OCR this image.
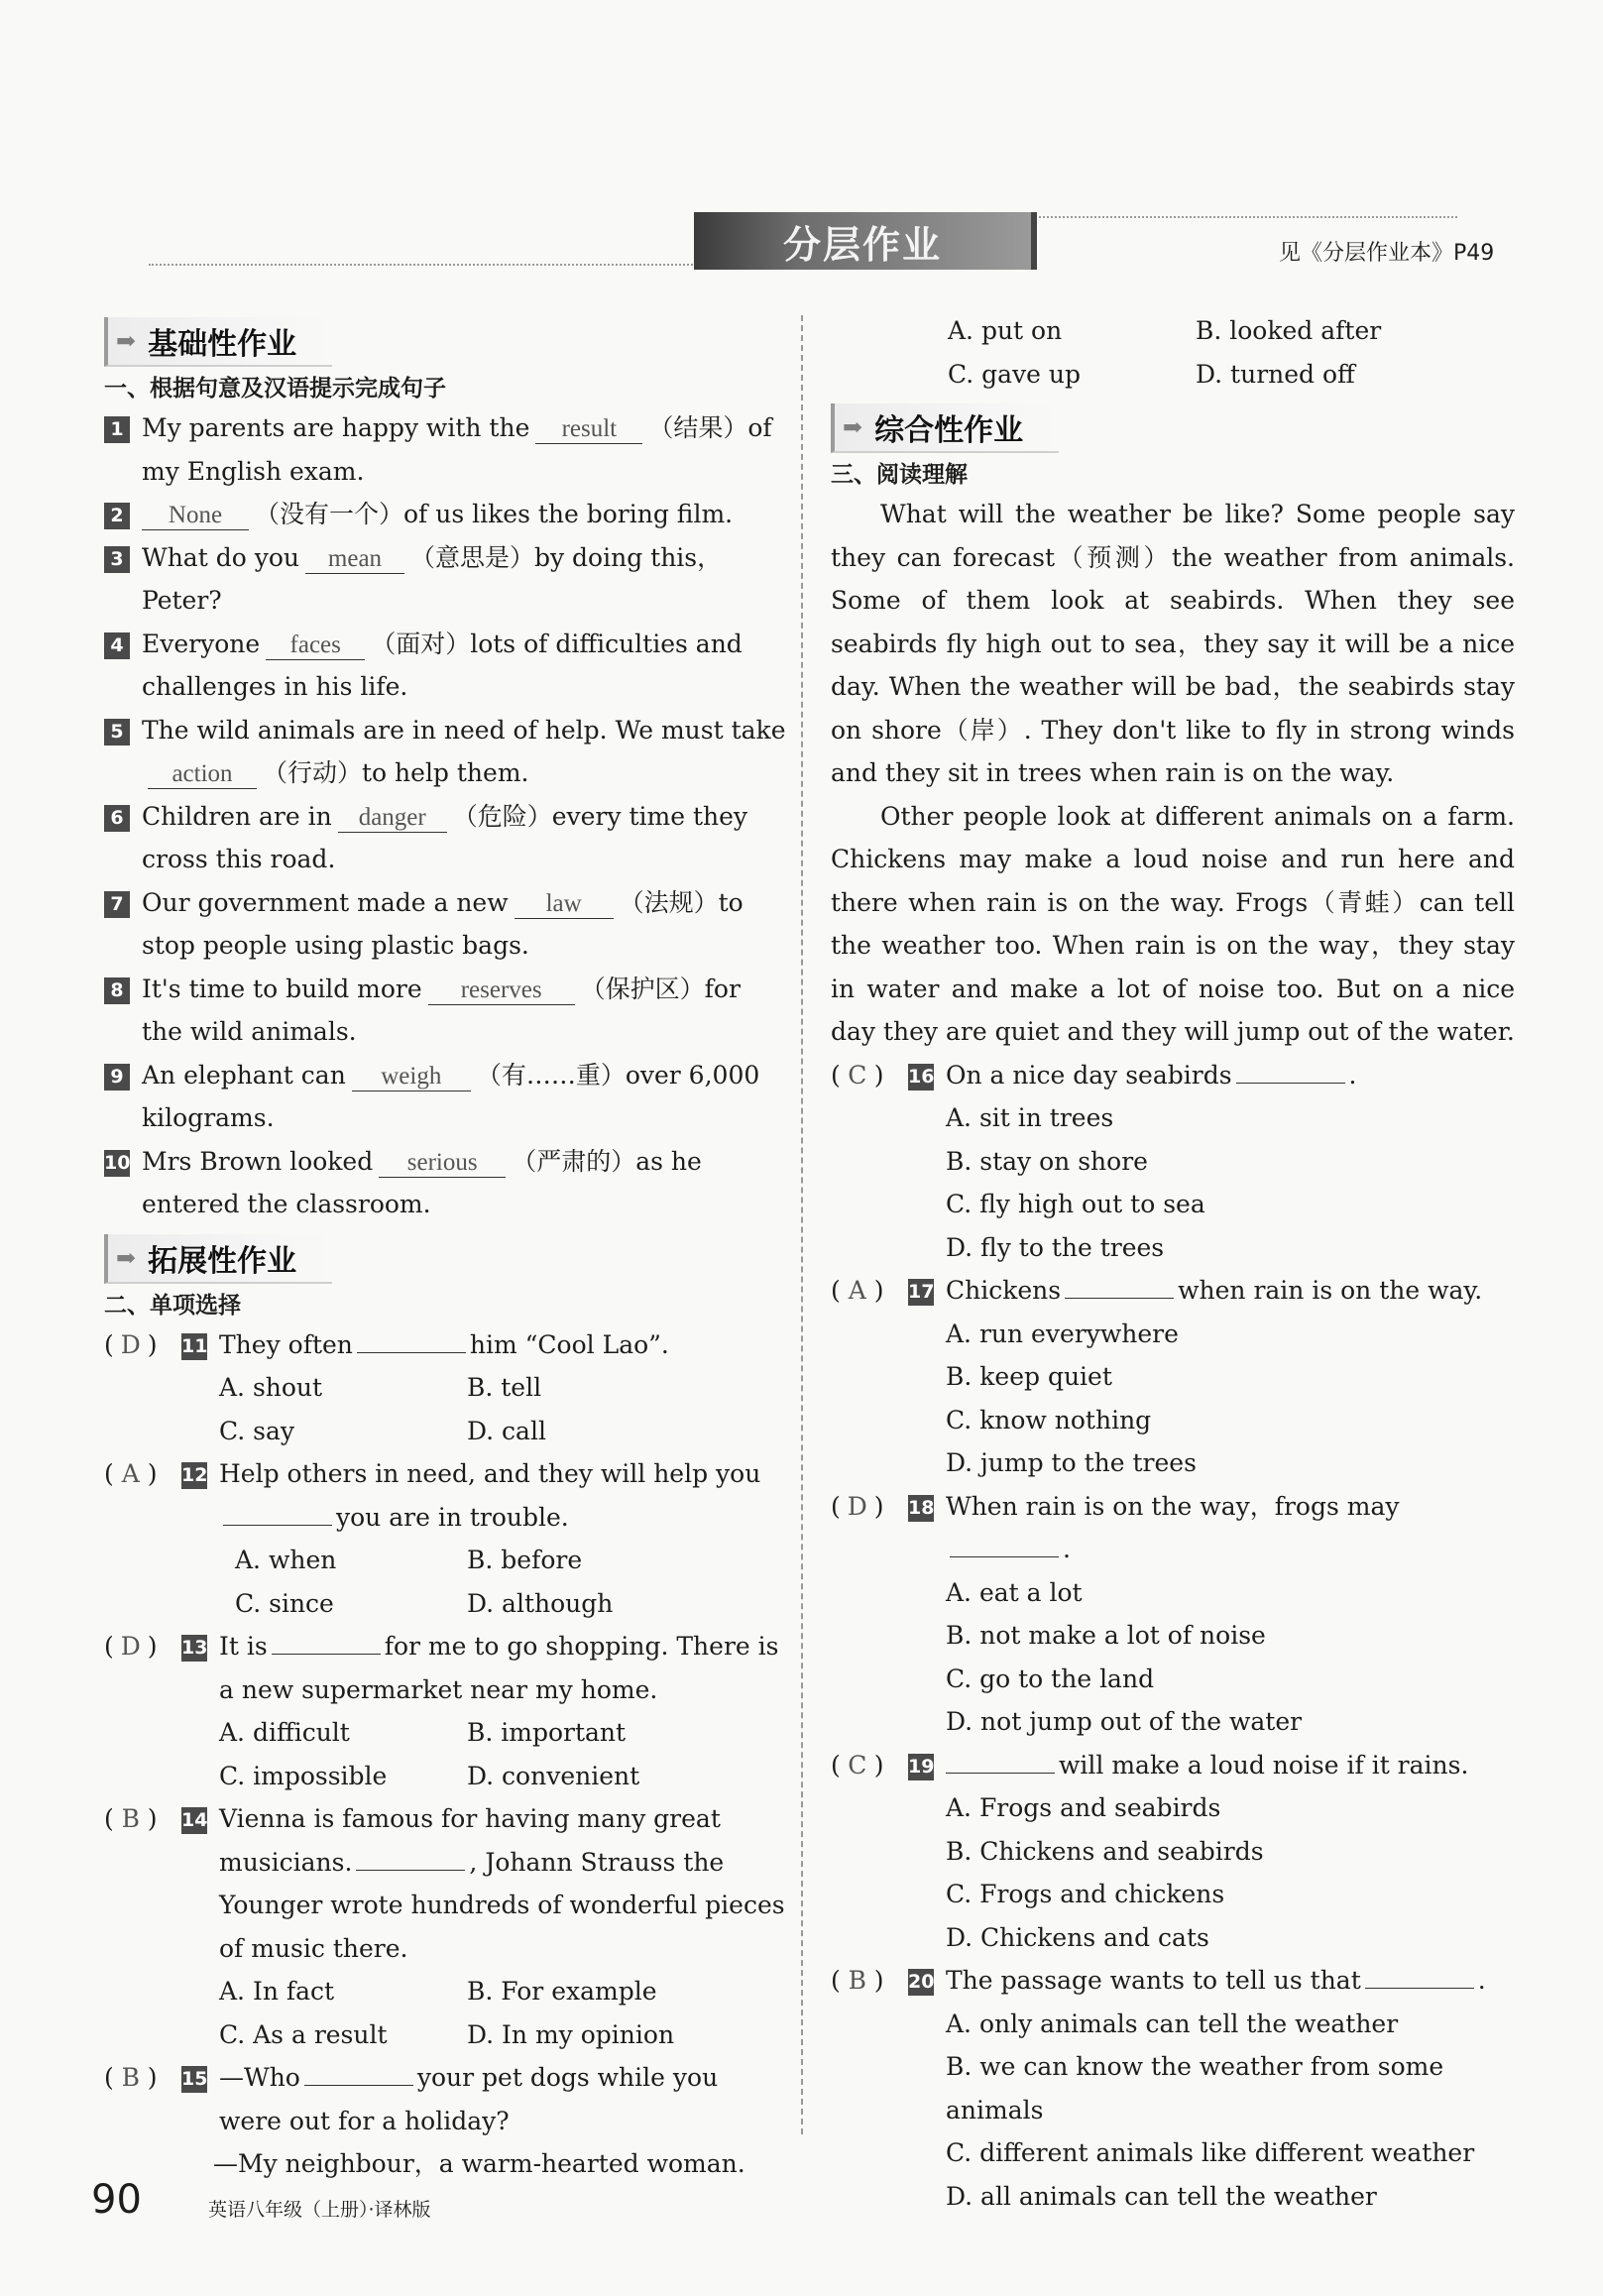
分层作业	见《分层作业本》P49
➡ 基础性作业
一、根据句意及汉语提示完成句子
1 My parents are happy with the result （结果）of my English exam.
2 None （没有一个）of us likes the boring film.
3 What do you mean （意思是）by doing this，Peter?
4 Everyone faces （面对）lots of difficulties and challenges in his life.
5 The wild animals are in need of help. We must takeaction （行动）to help them.
6 Children are in danger （危险）every time they cross this road.
7 Our government made a new law （法规）to stop people using plastic bags.
8 It's time to build more reserves （保护区）for the wild animals.
9 An elephant can weigh （有……重）over 6,000 kilograms.
10 Mrs Brown looked serious （严肃的）as he entered the classroom.
➡ 拓展性作业
二、单项选择
( D ) 11 They often	him “Cool Lao”.
A. shout	B. tell
C. say	D. call
( A ) 12 Help others in need, and they will help youyou are in trouble.
A. when	B. before
C. since	D. although
( D ) 13 It is	for me to go shopping. There is a new supermarket near my home.
A. difficult	B. important
C. impossible	D. convenient
( B ) 14 Vienna is famous for having many great musicians.	, Johann Strauss the Younger wrote hundreds of wonderful pieces of music there.
A. In fact	B. For example
C. As a result	D. In my opinion
( B ) 15 —Who	your pet dogs while you were out for a holiday?
—My neighbour，a warm-hearted woman.
A. put on	B. looked after
C. gave up	D. turned off
➡ 综合性作业
三、阅读理解
What will the weather be like? Some people say they can forecast（预测）the weather from animals. Some of them look at seabirds. When they see seabirds fly high out to sea，they say it will be a nice day. When the weather will be bad，the seabirds stay on shore（岸）. They don't like to fly in strong winds and they sit in trees when rain is on the way.
Other people look at different animals on a farm. Chickens may make a loud noise and run here and there when rain is on the way. Frogs（青蛙）can tell the weather too. When rain is on the way，they stay in water and make a lot of noise too. But on a nice day they are quiet and they will jump out of the water.
( C ) 16 On a nice day seabirds	.
A. sit in trees
B. stay on shore
C. fly high out to sea
D. fly to the trees
( A ) 17 Chickens	when rain is on the way.
A. run everywhere
B. keep quiet
C. know nothing
D. jump to the trees
( D ) 18 When rain is on the way，frogs may.
A. eat a lot
B. not make a lot of noise
C. go to the land
D. not jump out of the water
( C ) 19	will make a loud noise if it rains.
A. Frogs and seabirds
B. Chickens and seabirds
C. Frogs and chickens
D. Chickens and cats
( B ) 20 The passage wants to tell us that	.
A. only animals can tell the weather
B. we can know the weather from some animals
C. different animals like different weather
D. all animals can tell the weather
90	英语八年级（上册）·译林版
